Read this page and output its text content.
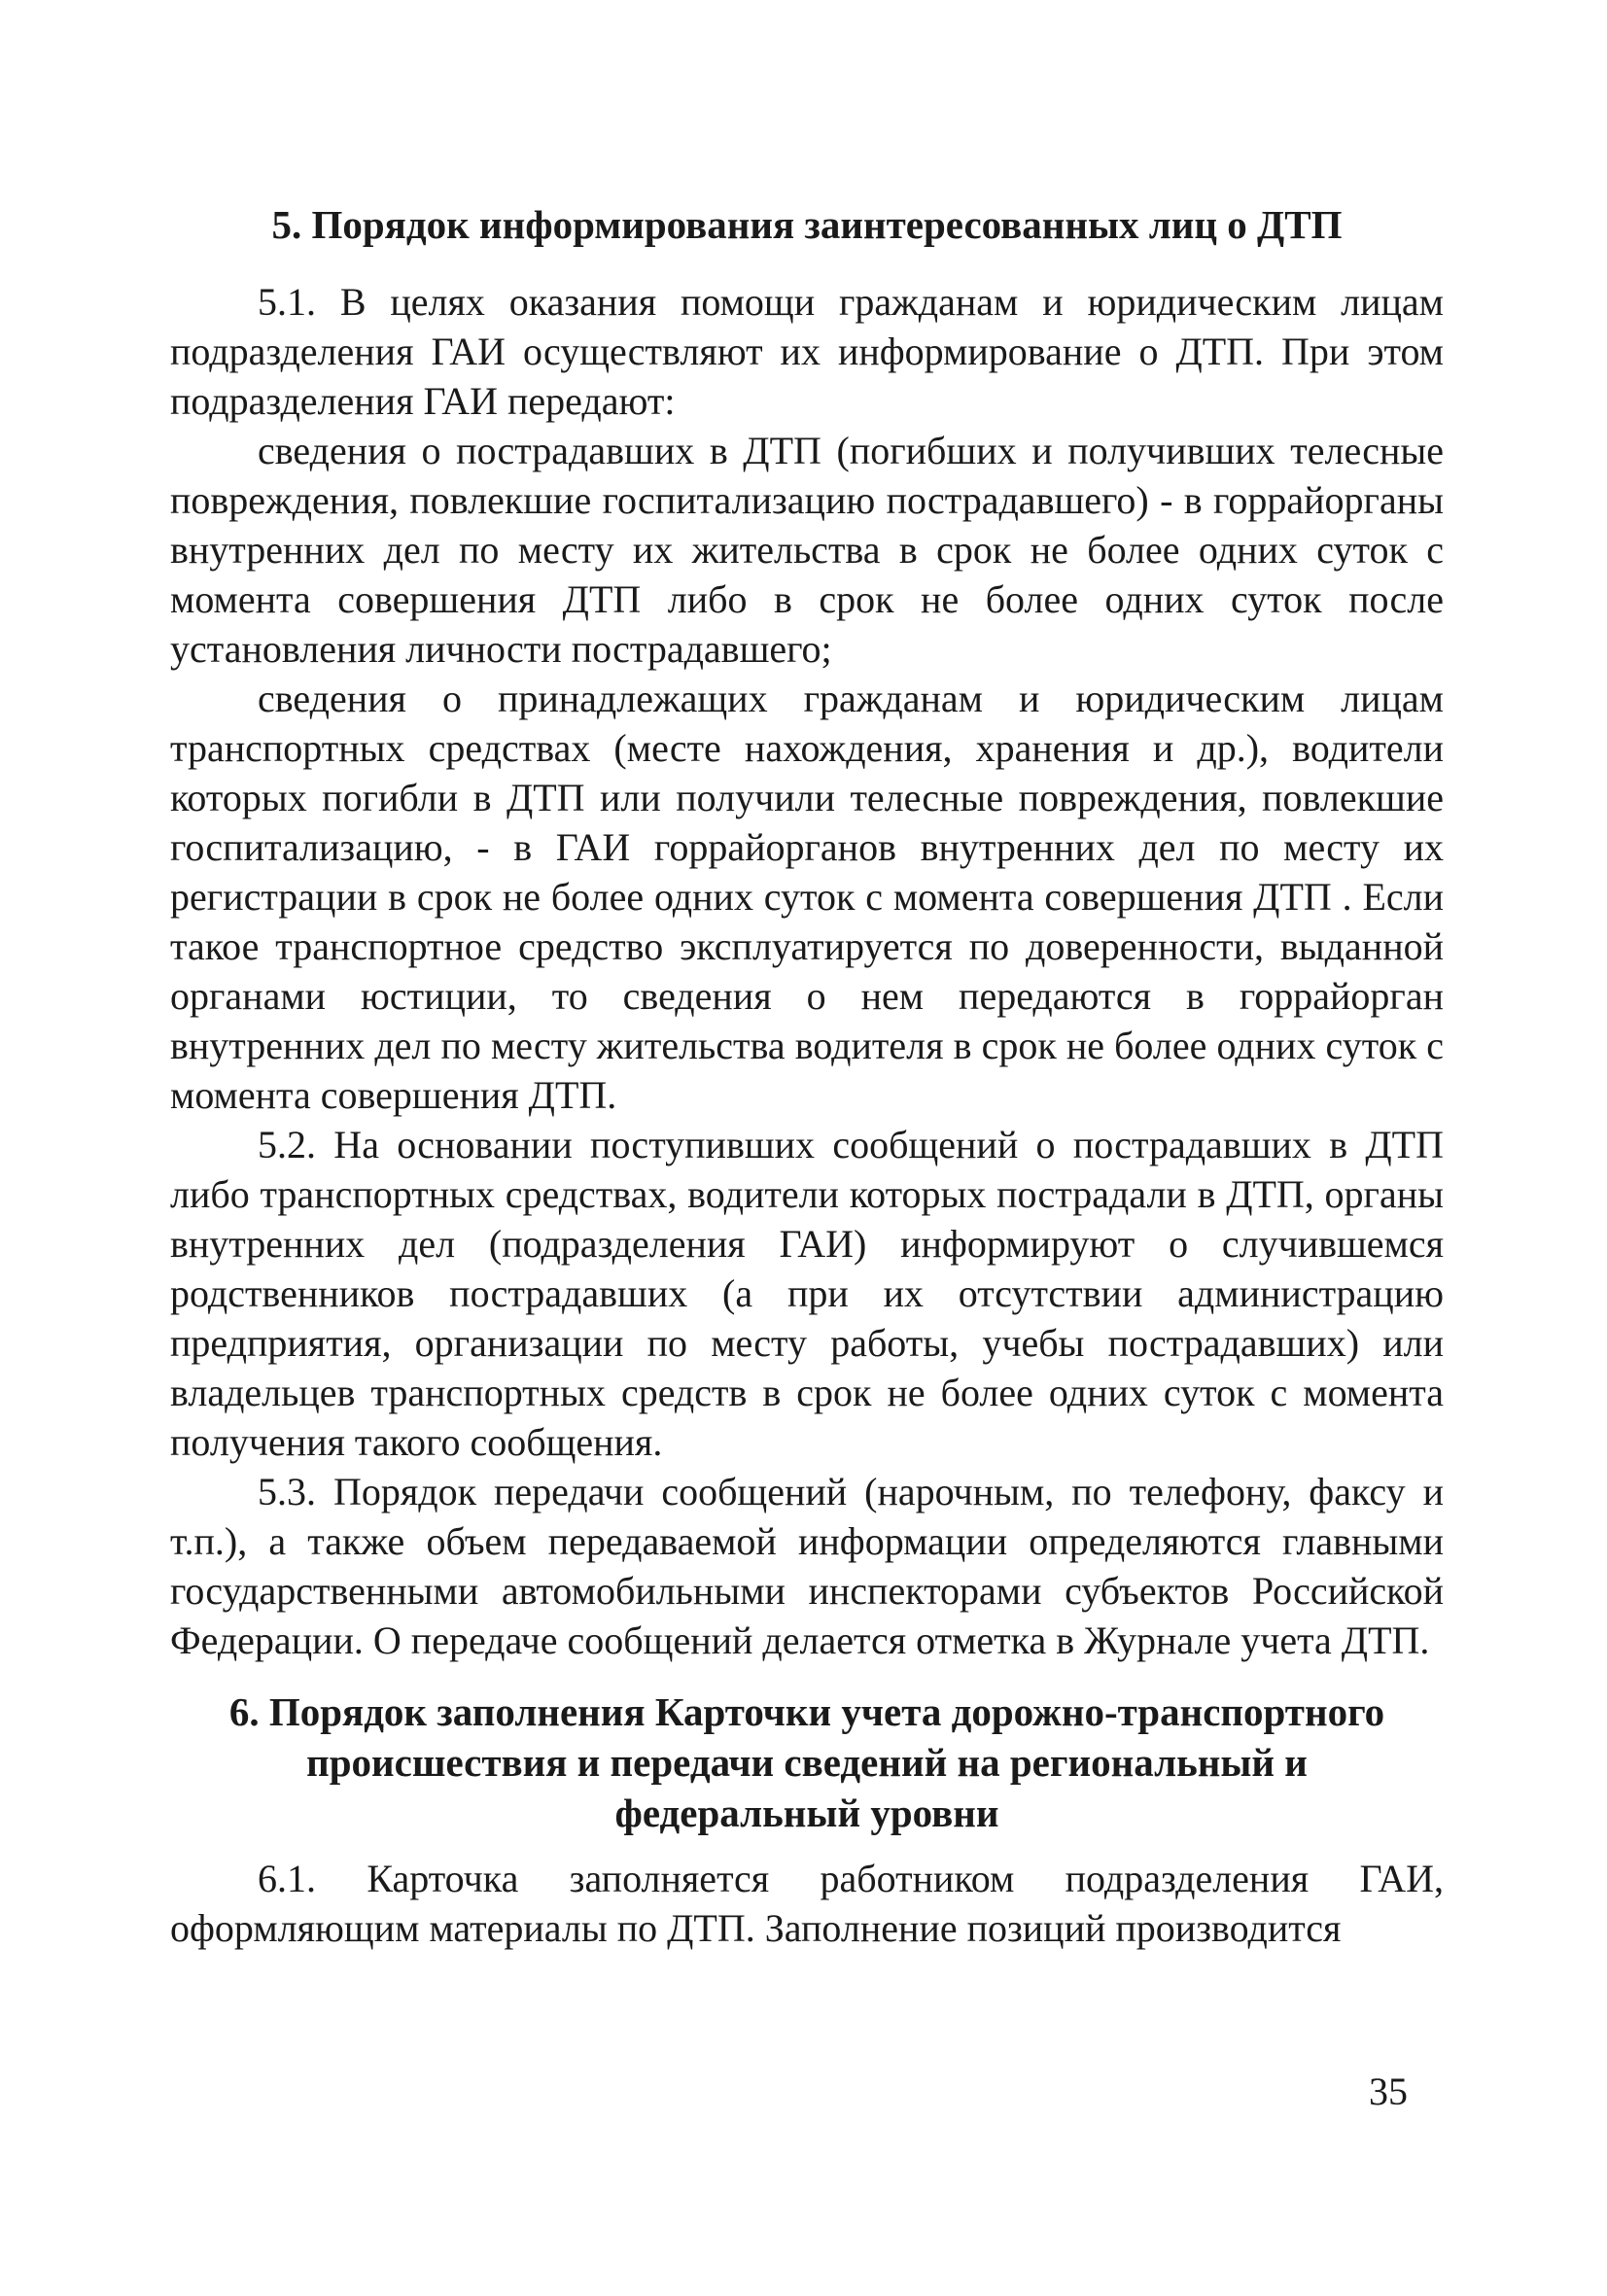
5. Порядок информирования заинтересованных лиц о ДТП

5.1. В целях оказания помощи гражданам и юридическим лицам подразделения ГАИ осуществляют их информирование о ДТП. При этом подразделения ГАИ передают:

сведения о пострадавших в ДТП (погибших и получивших телесные повреждения, повлекшие госпитализацию пострадавшего) - в горрайорганы внутренних дел по месту их жительства в срок не более одних суток с момента совершения ДТП либо в срок не более одних суток после установления личности пострадавшего;

сведения о принадлежащих гражданам и юридическим лицам транспортных средствах (месте нахождения, хранения и др.), водители которых погибли в ДТП или получили телесные повреждения, повлекшие госпитализацию, - в ГАИ горрайорганов внутренних дел по месту их регистрации в срок не более одних суток с момента совершения ДТП . Если такое транспортное средство эксплуатируется по доверенности, выданной органами юстиции, то сведения о нем передаются в горрайорган внутренних дел по месту жительства водителя в срок не более одних суток с момента совершения ДТП.

5.2. На основании поступивших сообщений о пострадавших в ДТП либо транспортных средствах, водители которых пострадали в ДТП, органы внутренних дел (подразделения ГАИ) информируют о случившемся родственников пострадавших (а при их отсутствии администрацию предприятия, организации по месту работы, учебы пострадавших) или владельцев транспортных средств в срок не более одних суток с момента получения такого сообщения.

5.3. Порядок передачи сообщений (нарочным, по телефону, факсу и т.п.), а также объем передаваемой информации определяются главными государственными автомобильными инспекторами субъектов Российской Федерации. О передаче сообщений делается отметка в Журнале учета ДТП.

6. Порядок заполнения Карточки учета дорожно-транспортного
происшествия и передачи сведений на региональный и
федеральный уровни

6.1. Карточка заполняется работником подразделения ГАИ, оформляющим материалы по ДТП. Заполнение позиций производится

35
